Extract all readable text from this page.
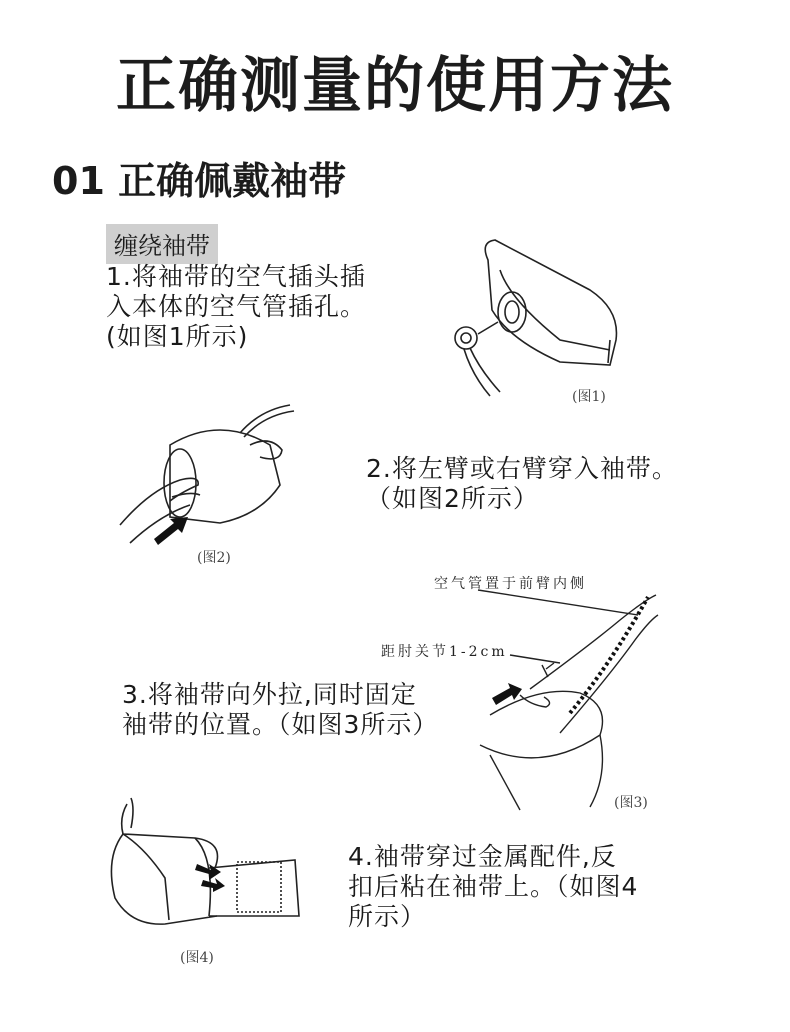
正确测量的使用方法
01 正确佩戴袖带
缠绕袖带
1.将袖带的空气插头插
入本体的空气管插孔。
(如图1所示)
(图1)
(图2)
2.将左臂或右臂穿入袖带。
（如图2所示）
空气管置于前臂内侧
距肘关节1-2cm
3.将袖带向外拉,同时固定
袖带的位置。（如图3所示）
(图3)
4.袖带穿过金属配件,反
扣后粘在袖带上。（如图4
所示）
(图4)
